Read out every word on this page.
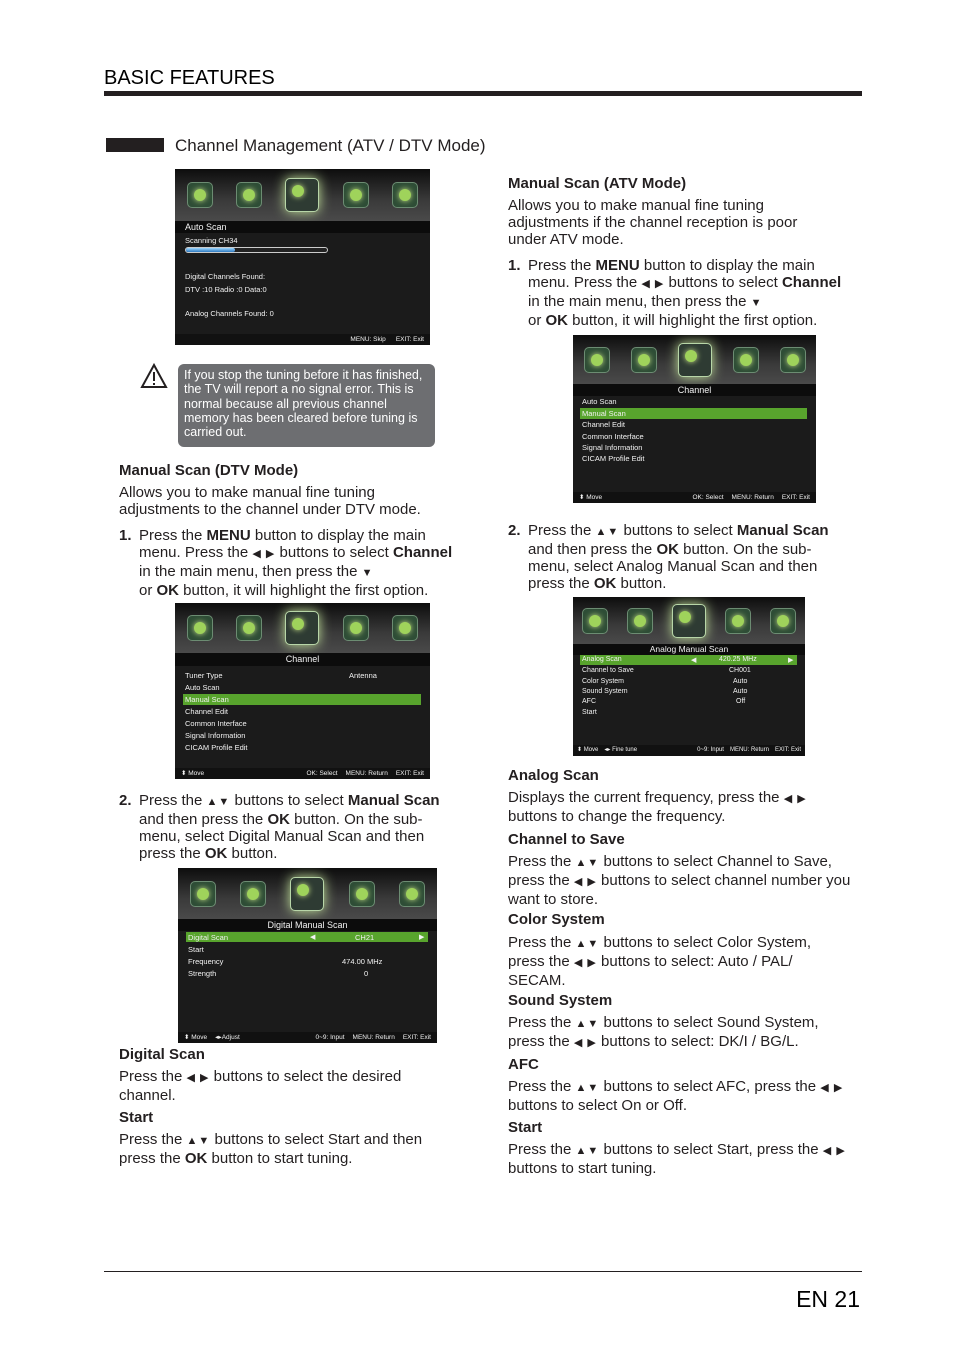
BASIC FEATURES
Channel Management (ATV / DTV Mode)
Auto Scan
Scanning CH34
Digital Channels Found:
DTV :10 Radio :0 Data:0
Analog Channels Found: 0
MENU: Skip EXIT: Exit
If you stop the tuning before it has finished, the TV will report a no signal error. This is normal because all previous channel memory has been cleared before tuning is carried out.
Manual Scan (DTV Mode)
Allows you to make manual fine tuning adjustments to the channel under DTV mode.
1. Press the MENU button to display the main menu. Press the ◀ ▶ buttons to select Channel in the main menu, then press the ▼
or OK button, it will highlight the first option.
Channel
Tuner Type	Antenna
Auto Scan
Manual Scan
Channel Edit
Common Interface
Signal Information
CICAM Profile Edit
⬍ Move	OK: Select MENU: Return EXIT: Exit
2. Press the ▲▼ buttons to select Manual Scan and then press the OK button. On the sub-menu, select Digital Manual Scan and then press the OK button.
Digital Manual Scan
Digital Scan	◀	CH21	▶
Start
Frequency	474.00 MHz
Strength	0
⬍ Move ◂▸Adjust	0~9: Input MENU: Return EXIT: Exit
Digital Scan
Press the ◀ ▶ buttons to select the desired channel.
Start
Press the ▲▼ buttons to select Start and then press the OK button to start tuning.
Manual Scan (ATV Mode)
Allows you to make manual fine tuning adjustments if the channel reception is poor under ATV mode.
1. Press the MENU button to display the main menu. Press the ◀ ▶ buttons to select Channel in the main menu, then press the ▼
or OK button, it will highlight the first option.
Channel
Auto Scan
Manual Scan
Channel Edit
Common Interface
Signal Information
CICAM Profile Edit
⬍ Move	OK: Select MENU: Return EXIT: Exit
2. Press the ▲▼ buttons to select Manual Scan and then press the OK button. On the sub-menu, select Analog Manual Scan and then press the OK button.
Analog Manual Scan
Analog Scan	◀	420.25 MHz	▶
Channel to Save	CH001
Color System	Auto
Sound System	Auto
AFC	Off
Start
⬍ Move ◂▸ Fine tune	0~9: Input MENU: Return EXIT: Exit
Analog Scan
Displays the current frequency, press the ◀ ▶ buttons to change the frequency.
Channel to Save
Press the ▲▼ buttons to select Channel to Save, press the ◀ ▶ buttons to select channel number you want to store.
Color System
Press the ▲▼ buttons to select Color System, press the ◀ ▶ buttons to select: Auto / PAL/ SECAM.
Sound System
Press the ▲▼ buttons to select Sound System, press the ◀ ▶ buttons to select: DK/I / BG/L.
AFC
Press the ▲▼ buttons to select AFC, press the ◀ ▶ buttons to select On or Off.
Start
Press the ▲▼ buttons to select Start, press the ◀ ▶ buttons to start tuning.
EN 21
